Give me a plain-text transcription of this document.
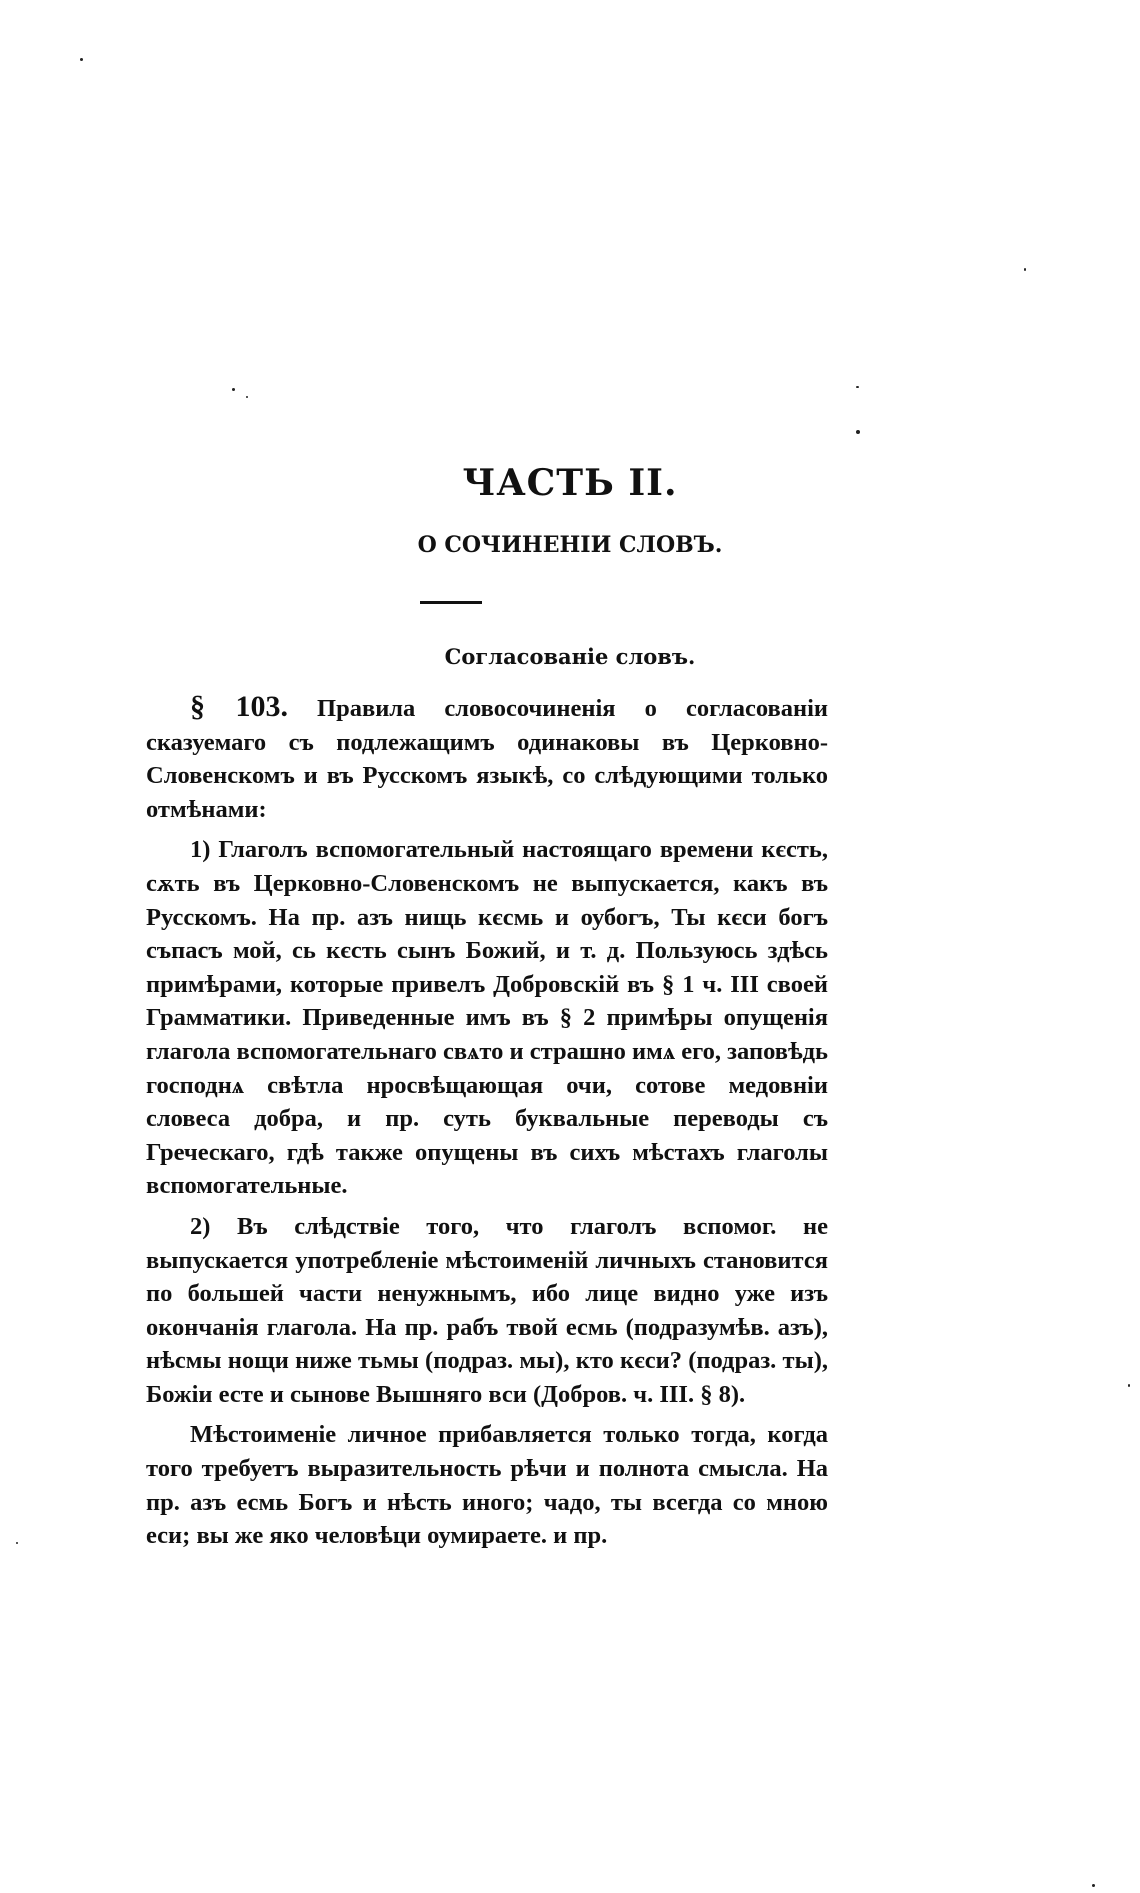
ЧАСТЬ II.
О СОЧИНЕНІИ СЛОВЪ.
Согласованіе словъ.

§ 103. Правила словосочиненія о согласованіи сказуемаго съ подлежащимъ одинаковы въ Церковно-Словенскомъ и въ Русскомъ языкѣ, со слѣдующими только отмѣнами:

1) Глаголъ вспомогательный настоящаго времени кєсть, сѫть въ Церковно-Словенскомъ не выпускается, какъ въ Русскомъ. На пр. азъ нищь кєсмь и оубогъ, Ты кєси богъ съпасъ мой, сь кєсть сынъ Божий, и т. д. Пользуюсь здѣсь примѣрами, которые привелъ Добровскій въ § 1 ч. III своей Грамматики. Приведенные имъ въ § 2 примѣры опущенія глагола вспомогательнаго свѧто и страшно имѧ его, заповѣдь господнѧ свѣтла нросвѣщающая очи, сотове медовніи словеса добра, и пр. суть буквальные переводы съ Греческаго, гдѣ также опущены въ сихъ мѣстахъ глаголы вспомогательные.

2) Въ слѣдствіе того, что глаголъ вспомог. не выпускается употребленіе мѣстоименій личныхъ становится по большей части ненужнымъ, ибо лице видно уже изъ окончанія глагола. На пр. рабъ твой есмь (подразумѣв. азъ), нѣсмы нощи ниже тьмы (подраз. мы), кто кєси? (подраз. ты), Божіи есте и сынове Вышняго вси (Добров. ч. III. § 8).

Мѣстоименіе личное прибавляется только тогда, когда того требуетъ выразительность рѣчи и полнота смысла. На пр. азъ есмь Богъ и нѣсть иного; чадо, ты всегда со мною еси; вы же яко человѣци оумираете. и пр.
